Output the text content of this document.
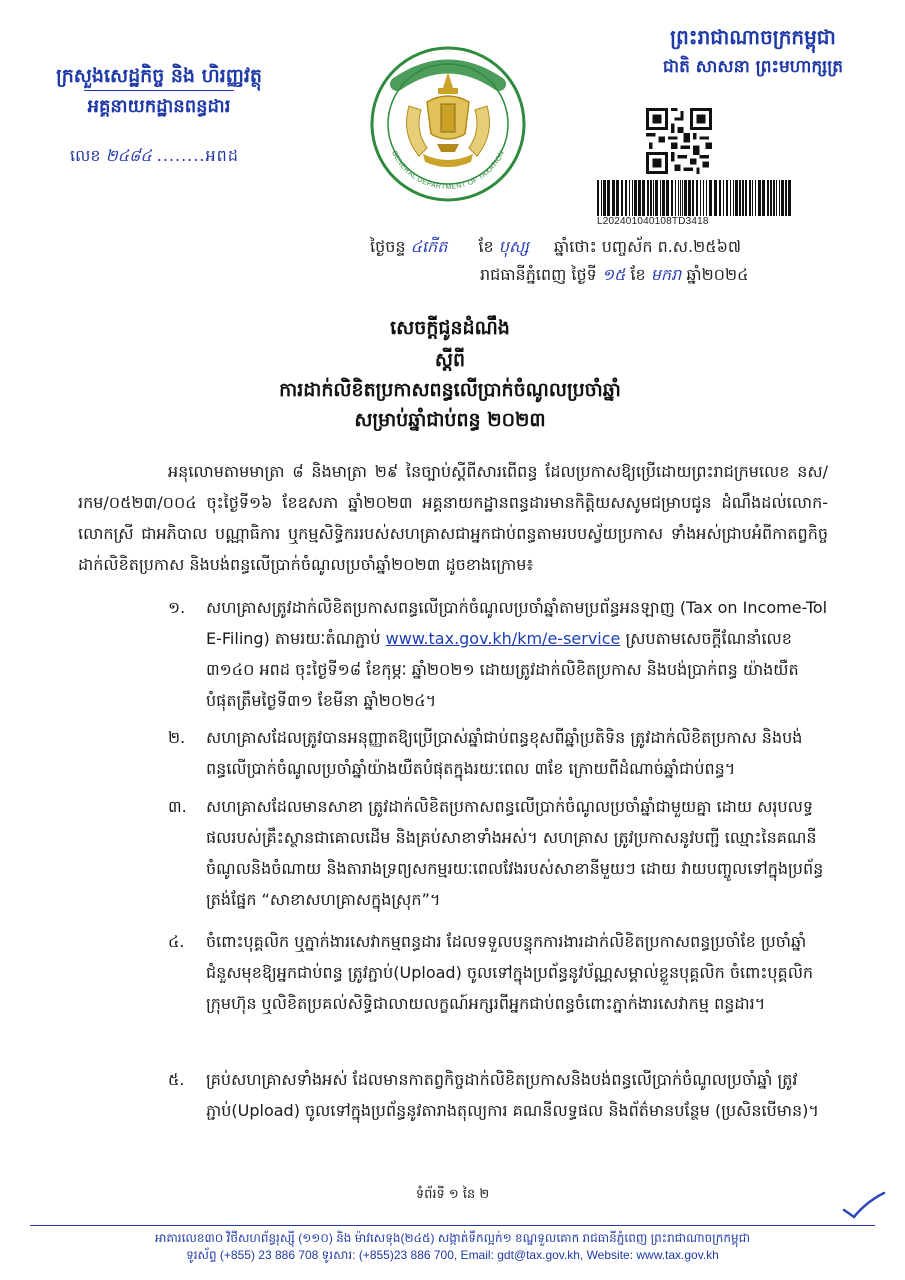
ក្រសួងសេដ្ឋកិច្ច និង ហិរញ្ញវត្ថុ
អគ្គនាយកដ្ឋានពន្ធដារ
លេខ ២៤៨៤ ........អពដ	GENERAL DEPARTMENT OF TAXATION
ព្រះរាជាណាចក្រកម្ពុជា
ជាតិ សាសនា ព្រះមហាក្សត្រ
L202401040108TD3418
ថ្ងៃចន្ទ ៤កើត ខែ បុស្ស ឆ្នាំថោះ បញ្ចស័ក ព.ស.២៥៦៧
រាជធានីភ្នំពេញ ថ្ងៃទី ១៥ ខែ មករា ឆ្នាំ២០២៤
សេចក្តីជូនដំណឹង
ស្តីពី
ការដាក់លិខិតប្រកាសពន្ធលើប្រាក់ចំណូលប្រចាំឆ្នាំ
សម្រាប់ឆ្នាំជាប់ពន្ធ ២០២៣
អនុលោមតាមមាត្រា ៨ និងមាត្រា ២៩ នៃច្បាប់ស្តីពីសារពើពន្ធ ដែលប្រកាសឱ្យប្រើដោយព្រះរាជក្រមលេខ នស/រកម/០៥២៣/០០៤ ចុះថ្ងៃទី១៦ ខែឧសភា ឆ្នាំ២០២៣ អគ្គនាយកដ្ឋានពន្ធដារមានកិត្តិយសសូមជម្រាបជូន ដំណឹងដល់លោក-លោកស្រី ជាអភិបាល បណ្ណាធិការ ឬកម្មសិទ្ធិកររបស់សហគ្រាសជាអ្នកជាប់ពន្ធតាមរបបស្វ័យប្រកាស ទាំងអស់ជ្រាបអំពីកាតព្វកិច្ចដាក់លិខិតប្រកាស និងបង់ពន្ធលើប្រាក់ចំណូលប្រចាំឆ្នាំ២០២៣ ដូចខាងក្រោម៖
១. សហគ្រាសត្រូវដាក់លិខិតប្រកាសពន្ធលើប្រាក់ចំណូលប្រចាំឆ្នាំតាមប្រព័ន្ធអនឡាញ (Tax on Income-Tol E-Filing) តាមរយៈតំណភ្ជាប់ www.tax.gov.kh/km/e-service ស្របតាមសេចក្តីណែនាំលេខ ៣១៤០ អពដ ចុះថ្ងៃទី១៨ ខែកុម្ភៈ ឆ្នាំ២០២១ ដោយត្រូវដាក់លិខិតប្រកាស និងបង់ប្រាក់ពន្ធ យ៉ាងយឺតបំផុតត្រឹមថ្ងៃទី៣១ ខែមីនា ឆ្នាំ២០២៤។
២. សហគ្រាសដែលត្រូវបានអនុញ្ញាតឱ្យប្រើប្រាស់ឆ្នាំជាប់ពន្ធខុសពីឆ្នាំប្រតិទិន ត្រូវដាក់លិខិតប្រកាស និងបង់ពន្ធលើប្រាក់ចំណូលប្រចាំឆ្នាំយ៉ាងយឺតបំផុតក្នុងរយៈពេល ៣ខែ ក្រោយពីដំណាច់ឆ្នាំជាប់ពន្ធ។
៣. សហគ្រាសដែលមានសាខា ត្រូវដាក់លិខិតប្រកាសពន្ធលើប្រាក់ចំណូលប្រចាំឆ្នាំជាមួយគ្នា ដោយ សរុបលទ្ធផលរបស់គ្រឹះស្ថានជាគោលដើម និងគ្រប់សាខាទាំងអស់។ សហគ្រាស ត្រូវប្រកាសនូវបញ្ជី ឈ្មោះនៃគណនីចំណូលនិងចំណាយ និងតារាងទ្រព្យសកម្មរយៈពេលវែងរបស់សាខានីមួយៗ ដោយ វាយបញ្ចូលទៅក្នុងប្រព័ន្ធត្រង់ផ្នែក “សាខាសហគ្រាសក្នុងស្រុក”។
៤. ចំពោះបុគ្គលិក ឬភ្នាក់ងារសេវាកម្មពន្ធដារ ដែលទទួលបន្ទុកការងារដាក់លិខិតប្រកាសពន្ធប្រចាំខែ ប្រចាំឆ្នាំ ជំនួសមុខឱ្យអ្នកជាប់ពន្ធ ត្រូវភ្ជាប់(Upload) ចូលទៅក្នុងប្រព័ន្ធនូវប័ណ្ណសម្គាល់ខ្លួនបុគ្គលិក ចំពោះបុគ្គលិកក្រុមហ៊ុន ឬលិខិតប្រគល់សិទ្ធិជាលាយលក្ខណ៍អក្សរពីអ្នកជាប់ពន្ធចំពោះភ្នាក់ងារសេវាកម្ម ពន្ធដារ។
៥. គ្រប់សហគ្រាសទាំងអស់ ដែលមានកាតព្វកិច្ចដាក់លិខិតប្រកាសនិងបង់ពន្ធលើប្រាក់ចំណូលប្រចាំឆ្នាំ ត្រូវភ្ជាប់(Upload) ចូលទៅក្នុងប្រព័ន្ធនូវតារាងតុល្យការ គណនីលទ្ធផល និងព័ត៌មានបន្ថែម (ប្រសិនបើមាន)។
ទំព័រទី ១ នៃ ២
អាគារលេខ៣០ វិថីសហព័ន្ធរុស្ស៊ី (១១០) និង ម៉ាវសេទុង(២៤៥) សង្កាត់ទឹកល្អក់១ ខណ្ឌទួលគោក រាជធានីភ្នំពេញ ព្រះរាជាណាចក្រកម្ពុជា
ទូរស័ព្ទ (+855) 23 886 708 ទូរសារ: (+855)23 886 700, Email: gdt@tax.gov.kh, Website: www.tax.gov.kh
